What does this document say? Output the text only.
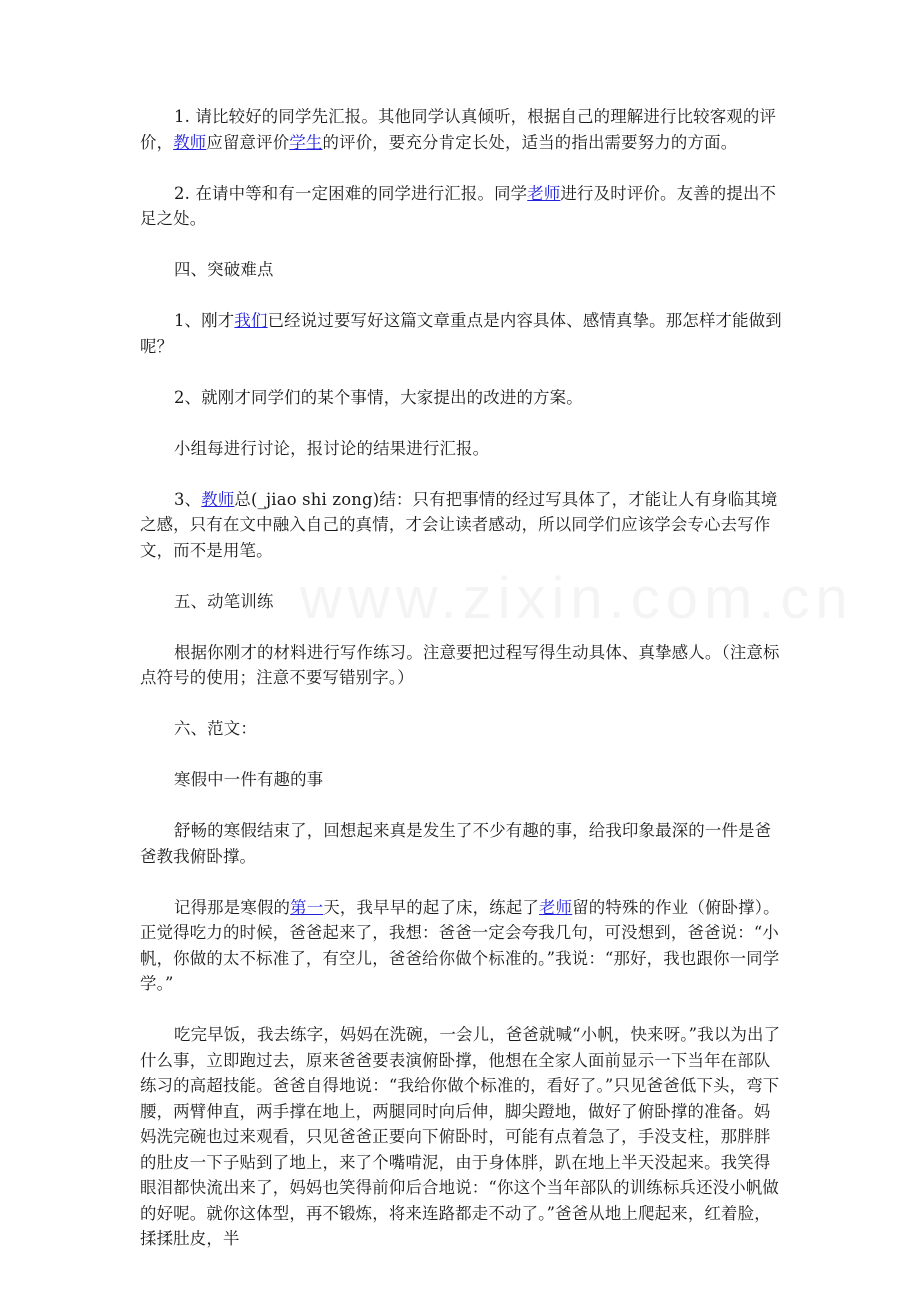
1. 请比较好的同学先汇报。其他同学认真倾听，根据自己的理解进行比较客观的评价，教师应留意评价学生的评价，要充分肯定长处，适当的指出需要努力的方面。

2. 在请中等和有一定困难的同学进行汇报。同学老师进行及时评价。友善的提出不足之处。

四、突破难点

1、刚才我们已经说过要写好这篇文章重点是内容具体、感情真挚。那怎样才能做到呢？

2、就刚才同学们的某个事情，大家提出的改进的方案。

小组每进行讨论，报讨论的结果进行汇报。

3、教师总(_jiao shi zong)结：只有把事情的经过写具体了，才能让人有身临其境之感，只有在文中融入自己的真情，才会让读者感动，所以同学们应该学会专心去写作文，而不是用笔。

五、动笔训练

根据你刚才的材料进行写作练习。注意要把过程写得生动具体、真挚感人。（注意标点符号的使用；注意不要写错别字。）

六、范文：

寒假中一件有趣的事

舒畅的寒假结束了，回想起来真是发生了不少有趣的事，给我印象最深的一件是爸爸教我俯卧撑。

记得那是寒假的第一天，我早早的起了床，练起了老师留的特殊的作业（俯卧撑）。正觉得吃力的时候，爸爸起来了，我想：爸爸一定会夸我几句，可没想到，爸爸说：“小帆，你做的太不标准了，有空儿，爸爸给你做个标准的。”我说：“那好，我也跟你一同学学。”

吃完早饭，我去练字，妈妈在洗碗，一会儿，爸爸就喊“小帆，快来呀。”我以为出了什么事，立即跑过去，原来爸爸要表演俯卧撑，他想在全家人面前显示一下当年在部队练习的高超技能。爸爸自得地说：“我给你做个标准的，看好了。”只见爸爸低下头，弯下腰，两臂伸直，两手撑在地上，两腿同时向后伸，脚尖蹬地，做好了俯卧撑的准备。妈妈洗完碗也过来观看，只见爸爸正要向下俯卧时，可能有点着急了，手没支柱，那胖胖的肚皮一下子贴到了地上，来了个嘴啃泥，由于身体胖，趴在地上半天没起来。我笑得眼泪都快流出来了，妈妈也笑得前仰后合地说：“你这个当年部队的训练标兵还没小帆做的好呢。就你这体型，再不锻炼，将来连路都走不动了。”爸爸从地上爬起来，红着脸，揉揉肚皮，半
